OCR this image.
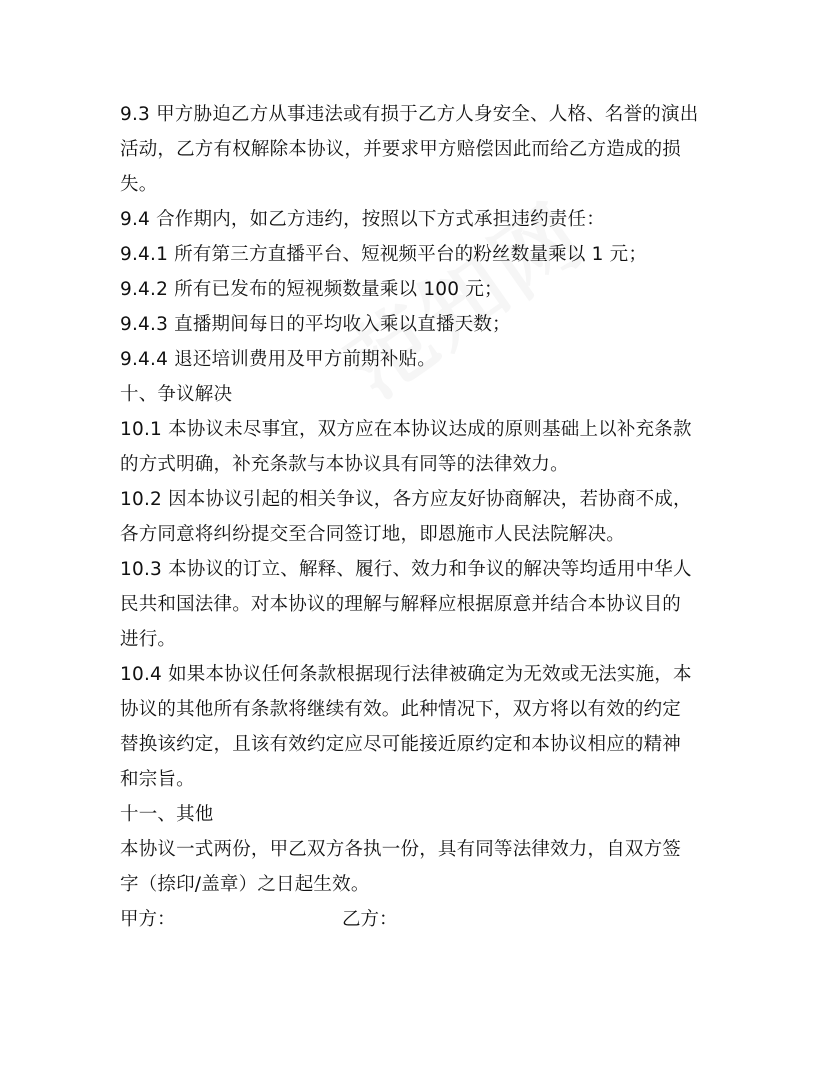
9.3 甲方胁迫乙方从事违法或有损于乙方人身安全、人格、名誉的演出
活动，乙方有权解除本协议，并要求甲方赔偿因此而给乙方造成的损
失。
9.4 合作期内，如乙方违约，按照以下方式承担违约责任：
9.4.1 所有第三方直播平台、短视频平台的粉丝数量乘以 1 元；
9.4.2 所有已发布的短视频数量乘以 100 元；
9.4.3 直播期间每日的平均收入乘以直播天数；
9.4.4 退还培训费用及甲方前期补贴。
十、争议解决
10.1 本协议未尽事宜，双方应在本协议达成的原则基础上以补充条款
的方式明确，补充条款与本协议具有同等的法律效力。
10.2 因本协议引起的相关争议，各方应友好协商解决，若协商不成，
各方同意将纠纷提交至合同签订地，即恩施市人民法院解决。
10.3 本协议的订立、解释、履行、效力和争议的解决等均适用中华人
民共和国法律。对本协议的理解与解释应根据原意并结合本协议目的
进行。
10.4 如果本协议任何条款根据现行法律被确定为无效或无法实施，本
协议的其他所有条款将继续有效。此种情况下，双方将以有效的约定
替换该约定，且该有效约定应尽可能接近原约定和本协议相应的精神
和宗旨。
十一、其他
本协议一式两份，甲乙双方各执一份，具有同等法律效力，自双方签
字（捺印/盖章）之日起生效。
甲方：	乙方：
